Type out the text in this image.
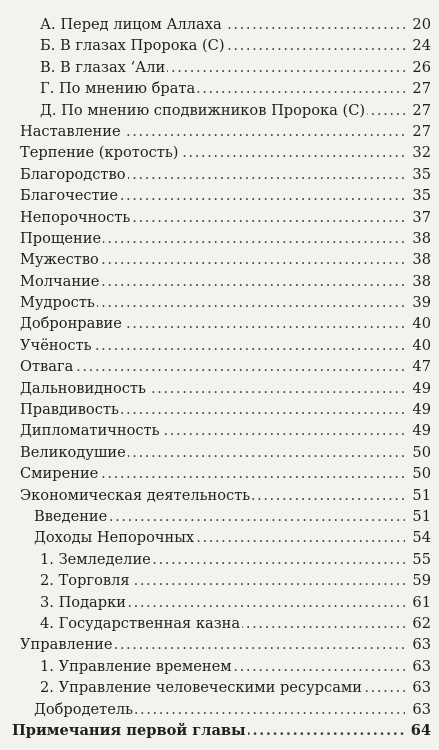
.....
А. Перед лицом Аллаха	20
.....
Б. В глазах Пророка (С)	24
.....
В. В глазах ‘Али	26
.....
Г. По мнению брата	27
.....
Д. По мнению сподвижников Пророка (С)	27
.....
Наставление	27
.....
Терпение (кротость)	32
.....
Благородство	35
.....
Благочестие	35
.....
Непорочность	37
.....
Прощение	38
.....
Мужество	38
.....
Молчание	38
.....
Мудрость	39
.....
Добронравие	40
.....
Учёность	40
.....
Отвага	47
.....
Дальновидность	49
.....
Правдивость	49
.....
Дипломатичность	49
.....
Великодушие	50
.....
Смирение	50
.....
Экономическая деятельность	51
.....
Введение	51
.....
Доходы Непорочных	54
.....
1. Земледелие	55
.....
2. Торговля	59
.....
3. Подарки	61
.....
4. Государственная казна	62
.....
Управление	63
.....
1. Управление временем	63
.....
2. Управление человеческими ресурсами	63
.....
Добродетель	63
.....
Примечания первой главы	64
